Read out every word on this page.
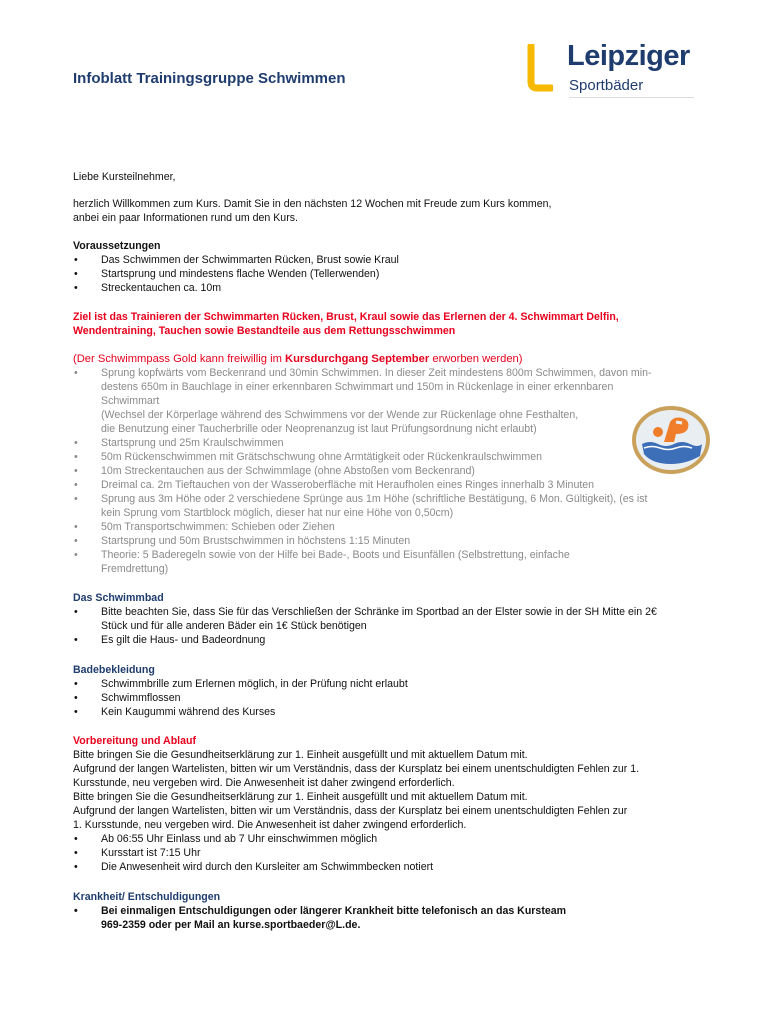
Infoblatt Trainingsgruppe Schwimmen
Leipziger
Sportbäder
Liebe Kursteilnehmer,
herzlich Willkommen zum Kurs. Damit Sie in den nächsten 12 Wochen mit Freude zum Kurs kommen,
anbei ein paar Informationen rund um den Kurs.
Voraussetzungen
• Das Schwimmen der Schwimmarten Rücken, Brust sowie Kraul
• Startsprung und mindestens flache Wenden (Tellerwenden)
• Streckentauchen ca. 10m
Ziel ist das Trainieren der Schwimmarten Rücken, Brust, Kraul sowie das Erlernen der 4. Schwimmart Delfin,
Wendentraining, Tauchen sowie Bestandteile aus dem Rettungsschwimmen
(Der Schwimmpass Gold kann freiwillig im Kursdurchgang September erworben werden)
• Sprung kopfwärts vom Beckenrand und 30min Schwimmen. In dieser Zeit mindestens 800m Schwimmen, davon min-
destens 650m in Bauchlage in einer erkennbaren Schwimmart und 150m in Rückenlage in einer erkennbaren
Schwimmart
(Wechsel der Körperlage während des Schwimmens vor der Wende zur Rückenlage ohne Festhalten,
die Benutzung einer Taucherbrille oder Neoprenanzug ist laut Prüfungsordnung nicht erlaubt)
• Startsprung und 25m Kraulschwimmen
• 50m Rückenschwimmen mit Grätschschwung ohne Armtätigkeit oder Rückenkraulschwimmen
• 10m Streckentauchen aus der Schwimmlage (ohne Abstoßen vom Beckenrand)
• Dreimal ca. 2m Tieftauchen von der Wasseroberfläche mit Heraufholen eines Ringes innerhalb 3 Minuten
• Sprung aus 3m Höhe oder 2 verschiedene Sprünge aus 1m Höhe (schriftliche Bestätigung, 6 Mon. Gültigkeit), (es ist
kein Sprung vom Startblock möglich, dieser hat nur eine Höhe von 0,50cm)
• 50m Transportschwimmen: Schieben oder Ziehen
• Startsprung und 50m Brustschwimmen in höchstens 1:15 Minuten
• Theorie: 5 Baderegeln sowie von der Hilfe bei Bade-, Boots und Eisunfällen (Selbstrettung, einfache
Fremdrettung)
Das Schwimmbad
• Bitte beachten Sie, dass Sie für das Verschließen der Schränke im Sportbad an der Elster sowie in der SH Mitte ein 2€
Stück und für alle anderen Bäder ein 1€ Stück benötigen
• Es gilt die Haus- und Badeordnung
Badebekleidung
• Schwimmbrille zum Erlernen möglich, in der Prüfung nicht erlaubt
• Schwimmflossen
• Kein Kaugummi während des Kurses
Vorbereitung und Ablauf
Bitte bringen Sie die Gesundheitserklärung zur 1. Einheit ausgefüllt und mit aktuellem Datum mit.
Aufgrund der langen Wartelisten, bitten wir um Verständnis, dass der Kursplatz bei einem unentschuldigten Fehlen zur 1.
Kursstunde, neu vergeben wird. Die Anwesenheit ist daher zwingend erforderlich.
Bitte bringen Sie die Gesundheitserklärung zur 1. Einheit ausgefüllt und mit aktuellem Datum mit.
Aufgrund der langen Wartelisten, bitten wir um Verständnis, dass der Kursplatz bei einem unentschuldigten Fehlen zur
1. Kursstunde, neu vergeben wird. Die Anwesenheit ist daher zwingend erforderlich.
• Ab 06:55 Uhr Einlass und ab 7 Uhr einschwimmen möglich
• Kursstart ist 7:15 Uhr
• Die Anwesenheit wird durch den Kursleiter am Schwimmbecken notiert
Krankheit/ Entschuldigungen
• Bei einmaligen Entschuldigungen oder längerer Krankheit bitte telefonisch an das Kursteam
969-2359 oder per Mail an kurse.sportbaeder@L.de.
